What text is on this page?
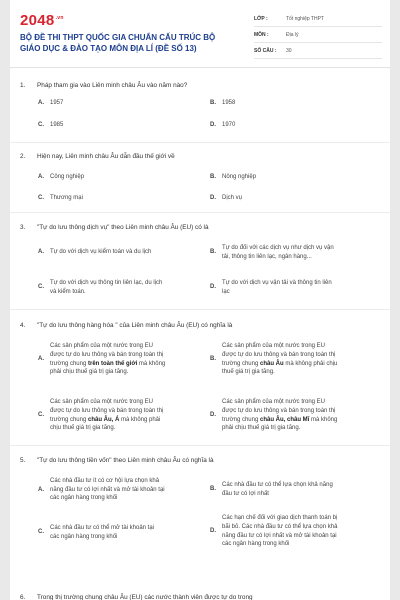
$2048^{.vn}$
BỘ ĐỀ THI THPT QUỐC GIA CHUẨN CẤU TRÚC BỘ GIÁO DỤC & ĐÀO TẠO MÔN ĐỊA LÍ (ĐỀ SỐ 13)
LỚP :	Tốt nghiệp THPT
MÔN :	Địa lý
SỐ CÂU :	30
1. Pháp tham gia vào Liên minh châu Âu vào năm nào?
A.	1957	B.	1958
C.	1985	D.	1970
2. Hiện nay, Liên minh châu Âu dẫn đầu thế giới về
A.	Công nghiệp	B.	Nông nghiệp
C.	Thương mại	D.	Dịch vụ
3. "Tự do lưu thông dịch vụ" theo Liên minh châu Âu (EU) có là
A.	Tự do với dịch vụ kiểm toán và du lịch	B.
Tự do đối với các dịch vụ như dịch vụ vận
tải, thông tin liên lạc, ngân hàng...
C.
Tự do với dịch vụ thông tin liên lạc, du lịch
và kiểm toán.
D.
Tự do với dịch vụ vận tải và thông tin liên
lạc
4. "Tự do lưu thông hàng hóa " của Liên minh châu Âu (EU) có nghĩa là
A.
Các sản phẩm của một nước trong EU
được tự do lưu thông và bán trong toàn thị
trường chung trên toàn thế giới mà không
phải chịu thuế giá trị gia tăng.
B.
Các sản phẩm của một nước trong EU
được tự do lưu thông và bán trong toàn thị
trường chung châu Âu mà không phải chịu
thuế giá trị gia tăng.
C.
Các sản phẩm của một nước trong EU
được tự do lưu thông và bán trong toàn thị
trường chung châu Âu, Á mà không phải
chịu thuế giá trị gia tăng.
D.
Các sản phẩm của một nước trong EU
được tự do lưu thông và bán trong toàn thị
trường chung châu Âu, châu Mĩ mà không
phải chịu thuế giá trị gia tăng.
5. "Tự do lưu thông tiền vốn" theo Liên minh châu Âu có nghĩa là
A.
Các nhà đầu tư ít có cơ hội lựa chọn khả
năng đầu tư có lợi nhất và mở tài khoản tại
các ngân hàng trong khối
B.
Các nhà đầu tư có thể lựa chọn khả năng
đầu tư có lợi nhất
C.
Các nhà đầu tư có thể mở tài khoản tại
các ngân hàng trong khối
D.
Các hạn chế đối với giao dịch thanh toán bị
bãi bỏ. Các nhà đầu tư có thể lựa chọn khả
năng đầu tư có lợi nhất và mở tài khoản tại
các ngân hàng trong khối
6. Trong thị trường chung châu Âu (EU) các nước thành viên được tự do trong
